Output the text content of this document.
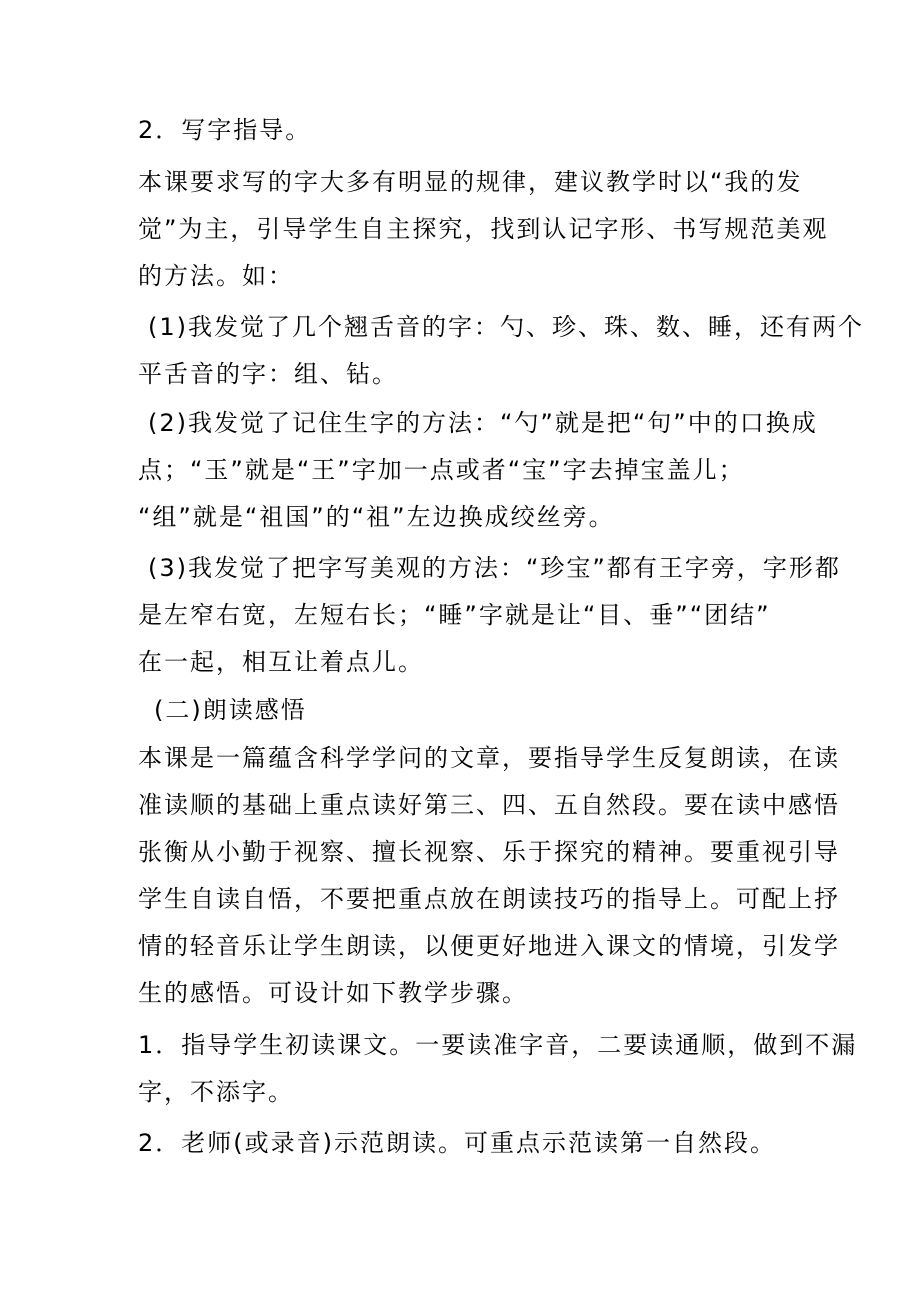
2．写字指导。
本课要求写的字大多有明显的规律，建议教学时以“我的发
觉”为主，引导学生自主探究，找到认记字形、书写规范美观
的方法。如：
(1)我发觉了几个翘舌音的字：勺、珍、珠、数、睡，还有两个
平舌音的字：组、钻。
(2)我发觉了记住生字的方法：“勺”就是把“句”中的口换成
点；“玉”就是“王”字加一点或者“宝”字去掉宝盖儿；
“组”就是“祖国”的“祖”左边换成绞丝旁。
(3)我发觉了把字写美观的方法：“珍宝”都有王字旁，字形都
是左窄右宽，左短右长；“睡”字就是让“目、垂”“团结”
在一起，相互让着点儿。
(二)朗读感悟
本课是一篇蕴含科学学问的文章，要指导学生反复朗读，在读
准读顺的基础上重点读好第三、四、五自然段。要在读中感悟
张衡从小勤于视察、擅长视察、乐于探究的精神。要重视引导
学生自读自悟，不要把重点放在朗读技巧的指导上。可配上抒
情的轻音乐让学生朗读，以便更好地进入课文的情境，引发学
生的感悟。可设计如下教学步骤。
1．指导学生初读课文。一要读准字音，二要读通顺，做到不漏
字，不添字。
2．老师(或录音)示范朗读。可重点示范读第一自然段。
